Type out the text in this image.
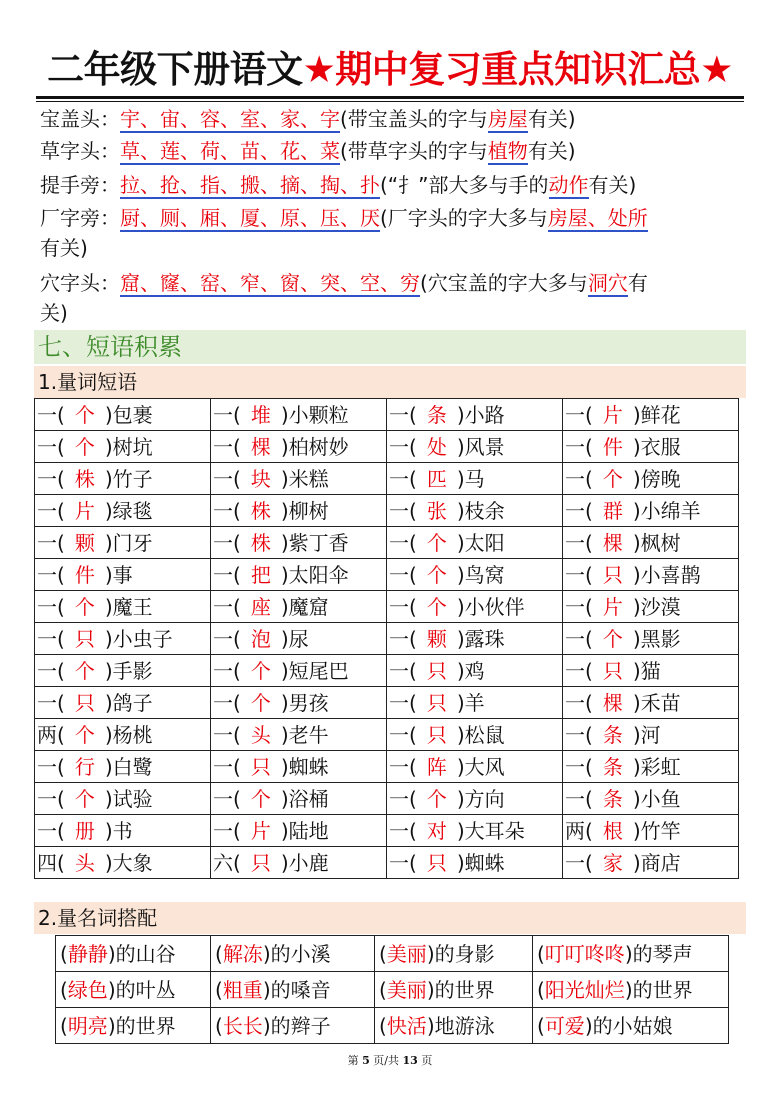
二年级下册语文★期中复习重点知识汇总★
宝盖头：宇、宙、容、室、家、字(带宝盖头的字与房屋有关)
草字头：草、莲、荷、苗、花、菜(带草字头的字与植物有关)
提手旁：拉、抢、指、搬、摘、掏、扑(“扌”部大多与手的动作有关)
厂字旁：厨、厕、厢、厦、原、压、厌(厂字头的字大多与房屋、处所
有关)
穴字头：窟、窿、窑、窄、窗、突、空、穷(穴宝盖的字大多与洞穴有
关)
七、短语积累
1.量词短语
一( 个 )包裹	一( 堆 )小颗粒	一( 条 )小路	一( 片 )鲜花
一( 个 )树坑	一( 棵 )柏树妙	一( 处 )风景	一( 件 )衣服
一( 株 )竹子	一( 块 )米糕	一( 匹 )马	一( 个 )傍晚
一( 片 )绿毯	一( 株 )柳树	一( 张 )枝余	一( 群 )小绵羊
一( 颗 )门牙	一( 株 )紫丁香	一( 个 )太阳	一( 棵 )枫树
一( 件 )事	一( 把 )太阳伞	一( 个 )鸟窝	一( 只 )小喜鹊
一( 个 )魔王	一( 座 )魔窟	一( 个 )小伙伴	一( 片 )沙漠
一( 只 )小虫子	一( 泡 )尿	一( 颗 )露珠	一( 个 )黑影
一( 个 )手影	一( 个 )短尾巴	一( 只 )鸡	一( 只 )猫
一( 只 )鸽子	一( 个 )男孩	一( 只 )羊	一( 棵 )禾苗
两( 个 )杨桃	一( 头 )老牛	一( 只 )松鼠	一( 条 )河
一( 行 )白鹭	一( 只 )蜘蛛	一( 阵 )大风	一( 条 )彩虹
一( 个 )试验	一( 个 )浴桶	一( 个 )方向	一( 条 )小鱼
一( 册 )书	一( 片 )陆地	一( 对 )大耳朵	两( 根 )竹竿
四( 头 )大象	六( 只 )小鹿	一( 只 )蜘蛛	一( 家 )商店
2.量名词搭配
(静静)的山谷	(解冻)的小溪	(美丽)的身影	(叮叮咚咚)的琴声
(绿色)的叶丛	(粗重)的嗓音	(美丽)的世界	(阳光灿烂)的世界
(明亮)的世界	(长长)的辫子	(快活)地游泳	(可爱)的小姑娘
第 5 页/共 13 页
